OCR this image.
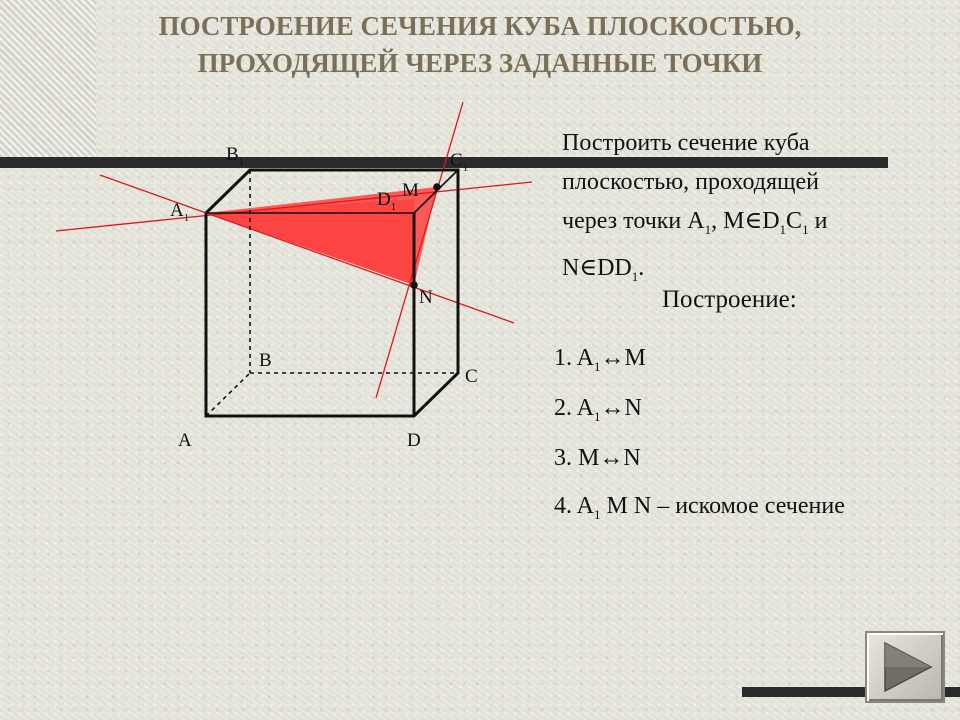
ПОСТРОЕНИЕ СЕЧЕНИЯ КУБА ПЛОСКОСТЬЮ,
ПРОХОДЯЩЕЙ ЧЕРЕЗ ЗАДАННЫЕ ТОЧКИ
$B_1$	$C_1$
$A_1$
$D_1$
M
N
B
C
A	D
Построить сечение куба
плоскостью, проходящей
через точки $A_1$, $M\in D_1C_1$ и
$N\in DD_1$.
Построение:
1. $A_1\leftrightarrow M$
2. $A_1\leftrightarrow N$
3. M↔N
4. $A_1$ M N – искомое сечение
